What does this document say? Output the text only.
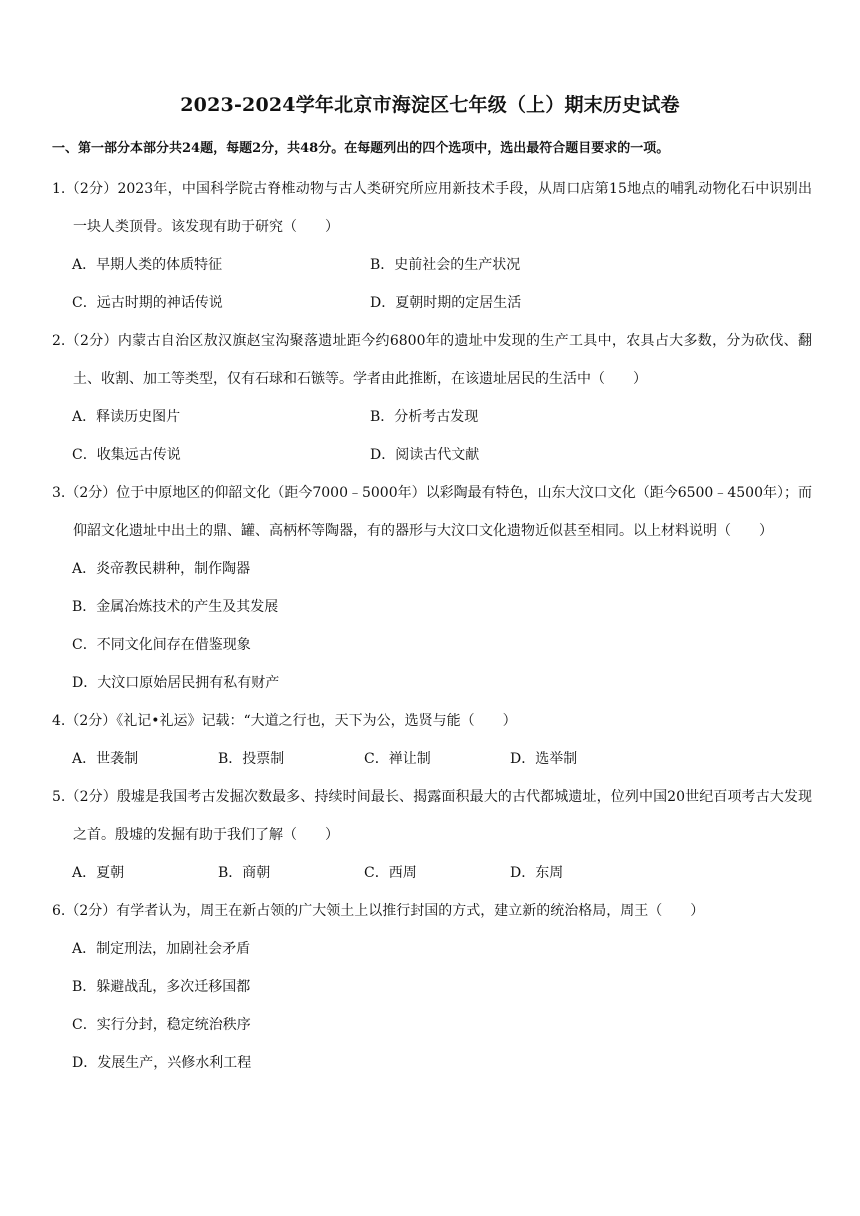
2023-2024学年北京市海淀区七年级（上）期末历史试卷
一、第一部分本部分共24题，每题2分，共48分。在每题列出的四个选项中，选出最符合题目要求的一项。
1.（2分）2023年，中国科学院古脊椎动物与古人类研究所应用新技术手段，从周口店第15地点的哺乳动物化石中识别出一块人类顶骨。该发现有助于研究（　　）
A．早期人类的体质特征	B．史前社会的生产状况
C．远古时期的神话传说	D．夏朝时期的定居生活
2.（2分）内蒙古自治区敖汉旗赵宝沟聚落遗址距今约6800年的遗址中发现的生产工具中，农具占大多数，分为砍伐、翻土、收割、加工等类型，仅有石球和石镞等。学者由此推断，在该遗址居民的生活中（　　）
A．释读历史图片	B．分析考古发现
C．收集远古传说	D．阅读古代文献
3.（2分）位于中原地区的仰韶文化（距今7000﹣5000年）以彩陶最有特色，山东大汶口文化（距今6500﹣4500年）；而仰韶文化遗址中出土的鼎、罐、高柄杯等陶器，有的器形与大汶口文化遗物近似甚至相同。以上材料说明（　　）
A．炎帝教民耕种，制作陶器
B．金属冶炼技术的产生及其发展
C．不同文化间存在借鉴现象
D．大汶口原始居民拥有私有财产
4.（2分）《礼记•礼运》记载：“大道之行也，天下为公，选贤与能（　　）
A．世袭制	B．投票制	C．禅让制	D．选举制
5.（2分）殷墟是我国考古发掘次数最多、持续时间最长、揭露面积最大的古代都城遗址，位列中国20世纪百项考古大发现之首。殷墟的发掘有助于我们了解（　　）
A．夏朝	B．商朝	C．西周	D．东周
6.（2分）有学者认为，周王在新占领的广大领土上以推行封国的方式，建立新的统治格局，周王（　　）
A．制定刑法，加剧社会矛盾
B．躲避战乱，多次迁移国都
C．实行分封，稳定统治秩序
D．发展生产，兴修水利工程
